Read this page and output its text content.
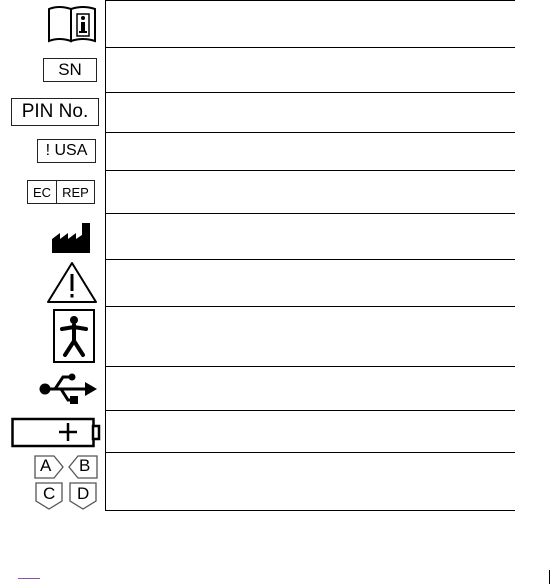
SN
PIN No.
! USA
EC REP
A B
C D
